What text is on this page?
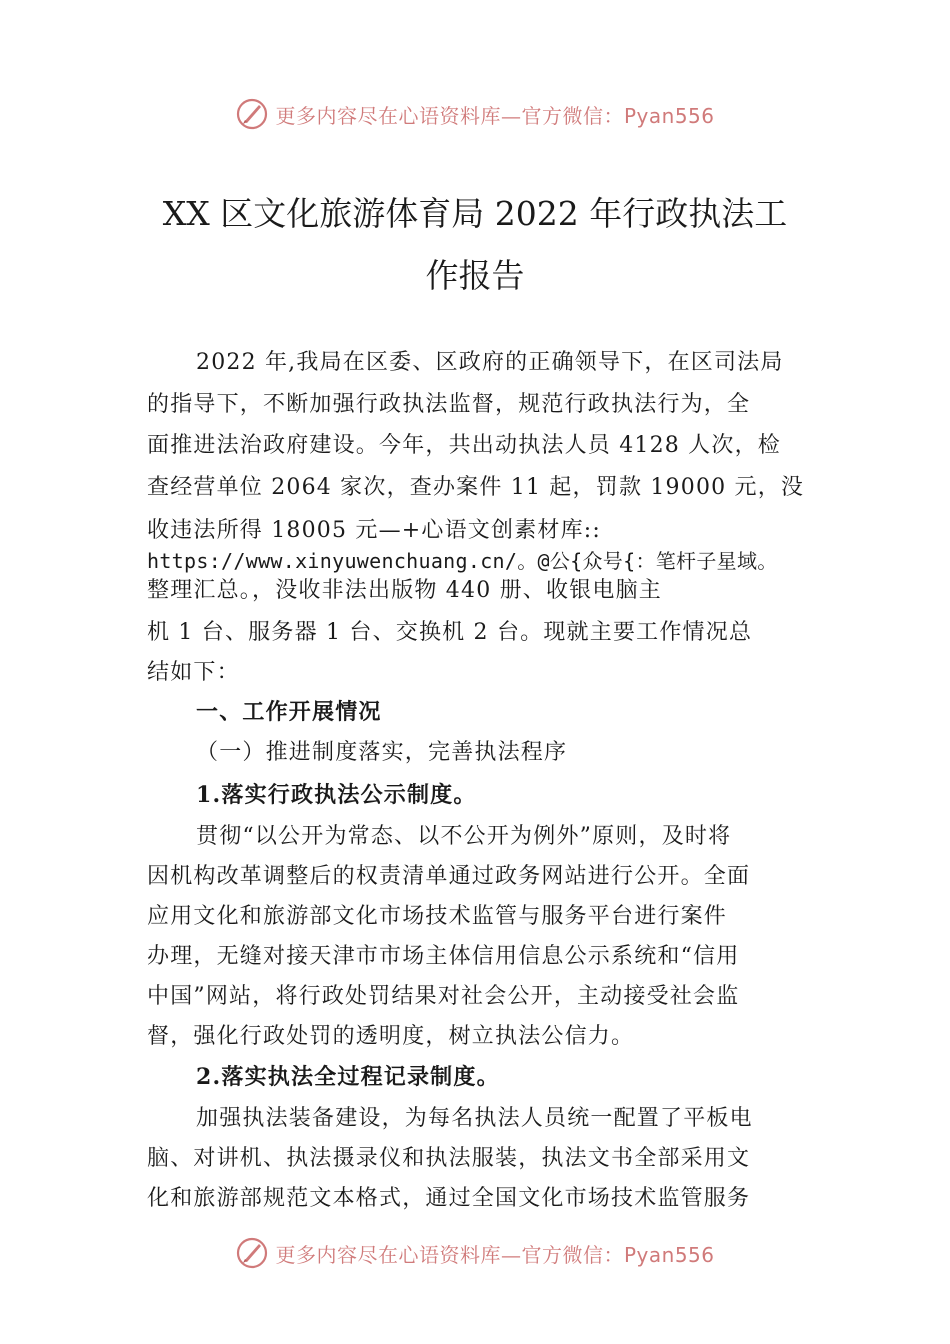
更多内容尽在心语资料库—官方微信：Pyan556
XX 区文化旅游体育局 2022 年行政执法工
作报告
2022 年,我局在区委、区政府的正确领导下，在区司法局
的指导下，不断加强行政执法监督，规范行政执法行为，全
面推进法治政府建设。今年，共出动执法人员 4128 人次，检
查经营单位 2064 家次，查办案件 11 起，罚款 19000 元，没
收违法所得 18005 元—+心语文创素材库::
https://www.xinyuwenchuang.cn/。@公{众号{：笔杆子星域。
整理汇总。，没收非法出版物 440 册、收银电脑主
机 1 台、服务器 1 台、交换机 2 台。现就主要工作情况总
结如下：
一、工作开展情况
（一）推进制度落实，完善执法程序
1.落实行政执法公示制度。
贯彻“以公开为常态、以不公开为例外”原则，及时将
因机构改革调整后的权责清单通过政务网站进行公开。全面
应用文化和旅游部文化市场技术监管与服务平台进行案件
办理，无缝对接天津市市场主体信用信息公示系统和“信用
中国”网站，将行政处罚结果对社会公开，主动接受社会监
督，强化行政处罚的透明度，树立执法公信力。
2.落实执法全过程记录制度。
加强执法装备建设，为每名执法人员统一配置了平板电
脑、对讲机、执法摄录仪和执法服装，执法文书全部采用文
化和旅游部规范文本格式，通过全国文化市场技术监管服务
更多内容尽在心语资料库—官方微信：Pyan556
